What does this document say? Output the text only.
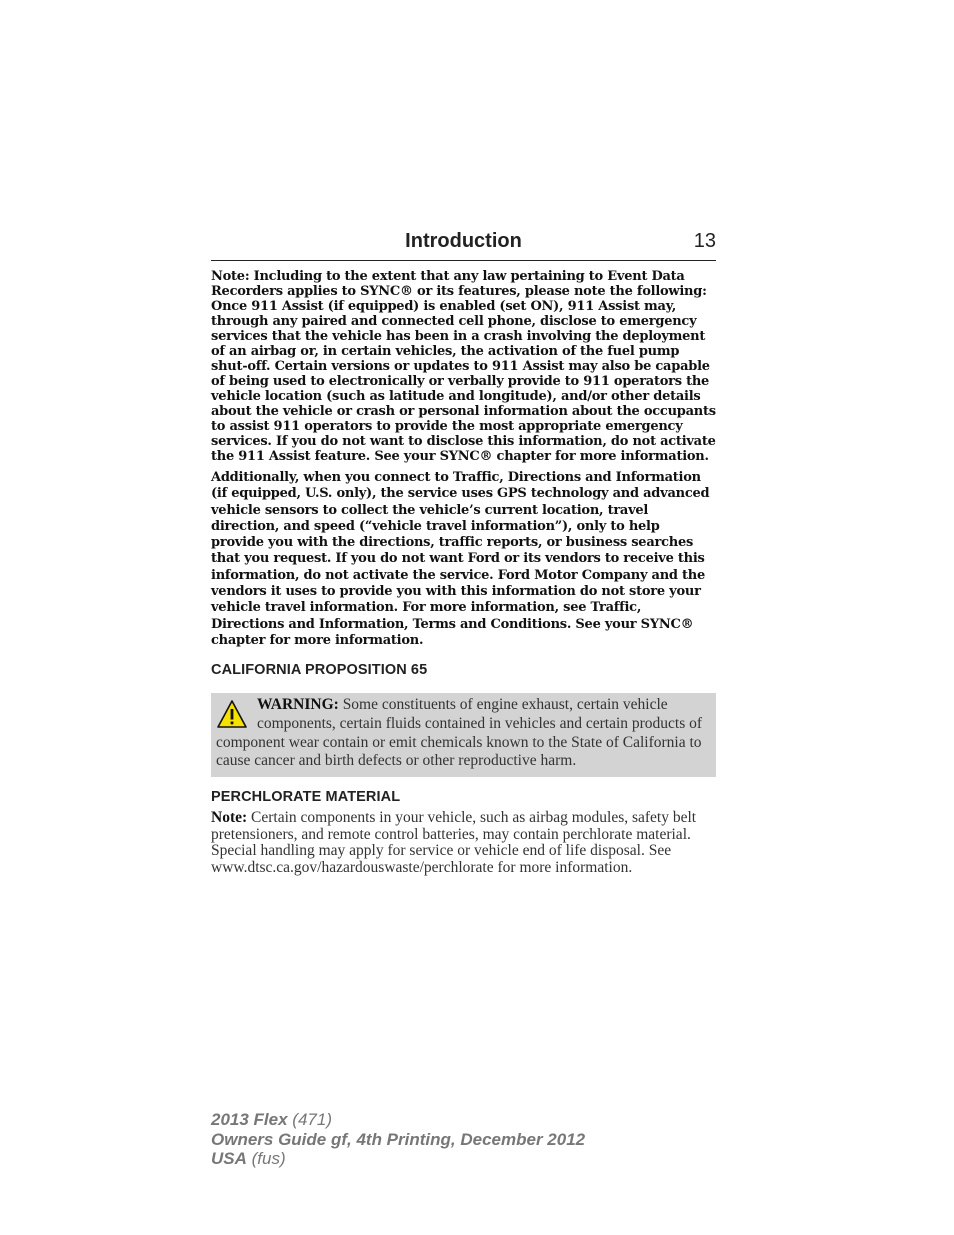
Introduction	13

Note: Including to the extent that any law pertaining to Event Data Recorders applies to SYNC® or its features, please note the following: Once 911 Assist (if equipped) is enabled (set ON), 911 Assist may, through any paired and connected cell phone, disclose to emergency services that the vehicle has been in a crash involving the deployment of an airbag or, in certain vehicles, the activation of the fuel pump shut-off. Certain versions or updates to 911 Assist may also be capable of being used to electronically or verbally provide to 911 operators the vehicle location (such as latitude and longitude), and/or other details about the vehicle or crash or personal information about the occupants to assist 911 operators to provide the most appropriate emergency services. If you do not want to disclose this information, do not activate the 911 Assist feature. See your SYNC® chapter for more information.

Additionally, when you connect to Traffic, Directions and Information (if equipped, U.S. only), the service uses GPS technology and advanced vehicle sensors to collect the vehicle’s current location, travel direction, and speed (“vehicle travel information”), only to help provide you with the directions, traffic reports, or business searches that you request. If you do not want Ford or its vendors to receive this information, do not activate the service. Ford Motor Company and the vendors it uses to provide you with this information do not store your vehicle travel information. For more information, see Traffic, Directions and Information, Terms and Conditions. See your SYNC® chapter for more information.

CALIFORNIA PROPOSITION 65
WARNING: Some constituents of engine exhaust, certain vehicle components, certain fluids contained in vehicles and certain products of component wear contain or emit chemicals known to the State of California to cause cancer and birth defects or other reproductive harm.
PERCHLORATE MATERIAL

Note: Certain components in your vehicle, such as airbag modules, safety belt pretensioners, and remote control batteries, may contain perchlorate material. Special handling may apply for service or vehicle end of life disposal. See www.dtsc.ca.gov/hazardouswaste/perchlorate for more information.

2013 Flex (471)
Owners Guide gf, 4th Printing, December 2012
USA (fus)
